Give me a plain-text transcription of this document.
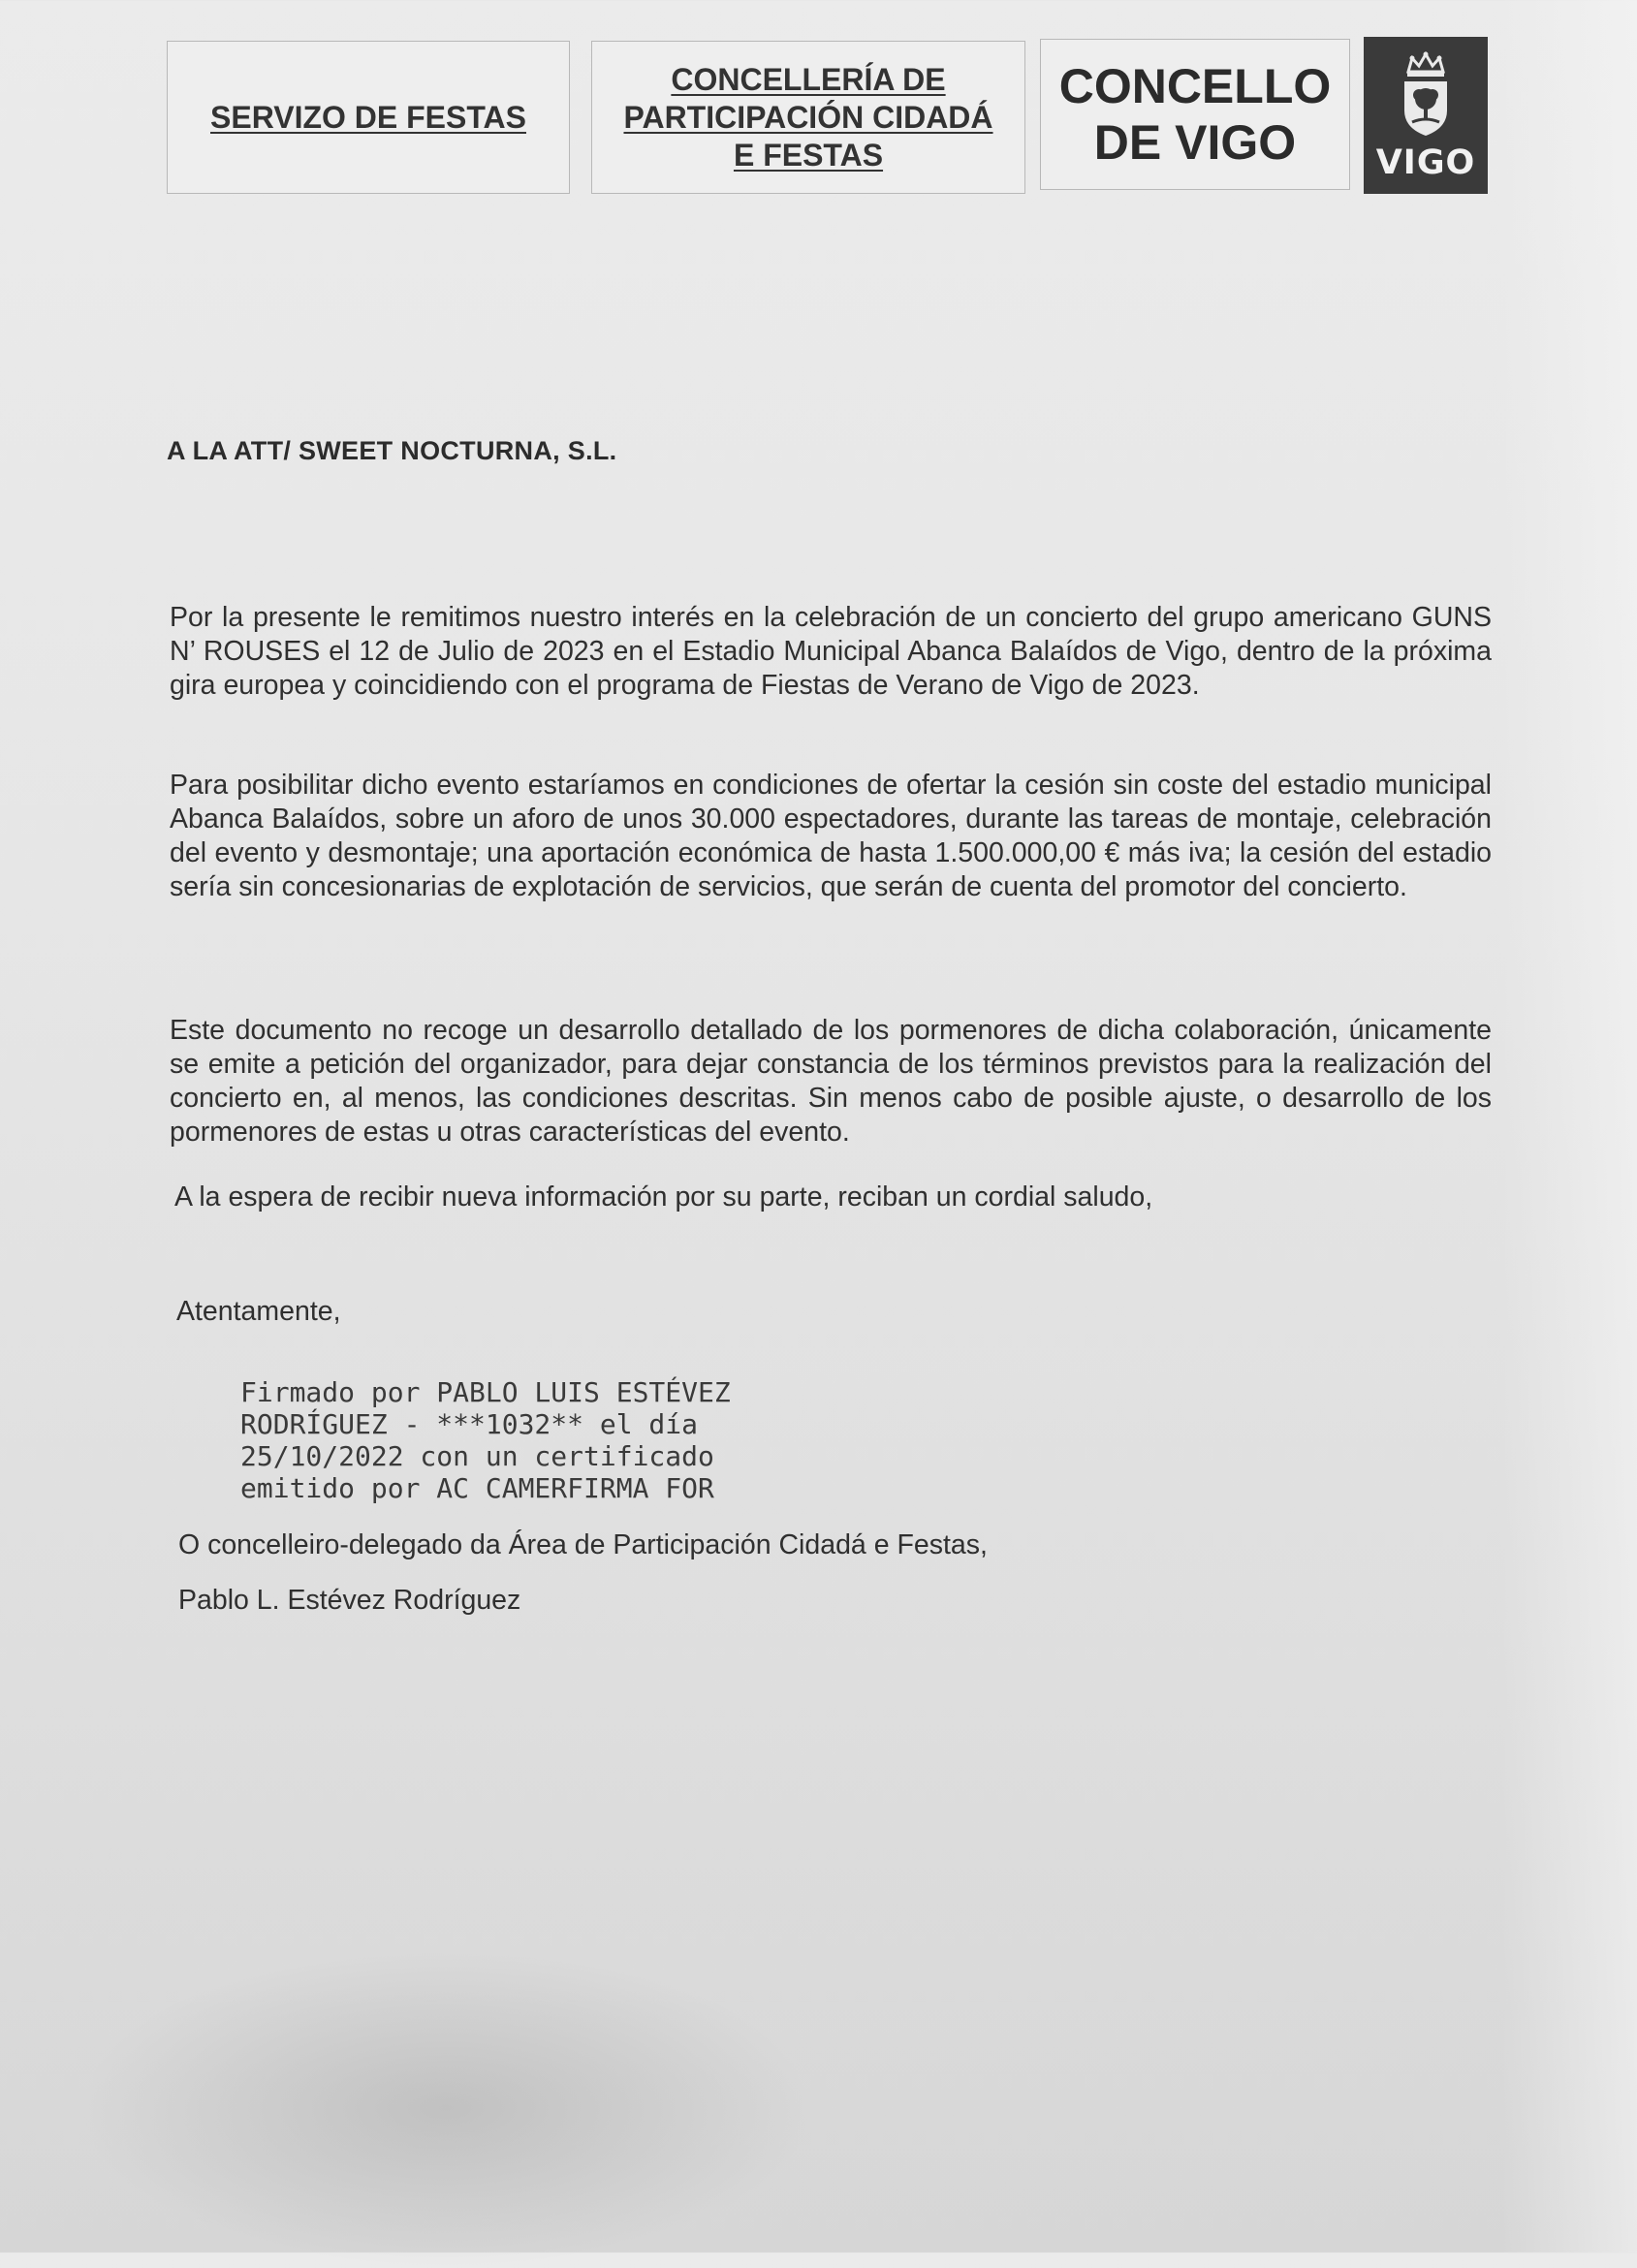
SERVIZO DE FESTAS
CONCELLERÍA DE
PARTICIPACIÓN CIDADÁ
E FESTAS
CONCELLO
DE VIGO	VIGO
A LA ATT/ SWEET NOCTURNA, S.L.
Por la presente le remitimos nuestro interés en la celebración de un concierto del grupo americano GUNS N’ ROUSES el 12 de Julio de 2023 en el Estadio Municipal Abanca Balaídos de Vigo, dentro de la próxima gira europea y coincidiendo con el programa de Fiestas de Verano de Vigo de 2023.
Para posibilitar dicho evento estaríamos en condiciones de ofertar la cesión sin coste del estadio municipal Abanca Balaídos, sobre un aforo de unos 30.000 espectadores, durante las tareas de montaje, celebración del evento y desmontaje; una aportación económica de hasta 1.500.000,00 € más iva; la cesión del estadio sería sin concesionarias de explotación de servicios, que serán de cuenta del promotor del concierto.
Este documento no recoge un desarrollo detallado de los pormenores de dicha colaboración, únicamente se emite a petición del organizador, para dejar constancia de los términos previstos para la realización del concierto en, al menos, las condiciones descritas. Sin menos cabo de posible ajuste, o desarrollo de los pormenores de estas u otras características del evento.
A la espera de recibir nueva información por su parte, reciban un cordial saludo,
Atentamente,
Firmado por PABLO LUIS ESTÉVEZ
RODRÍGUEZ - ***1032** el día
25/10/2022 con un certificado
emitido por AC CAMERFIRMA FOR
O concelleiro-delegado da Área de Participación Cidadá e Festas,
Pablo L. Estévez Rodríguez
